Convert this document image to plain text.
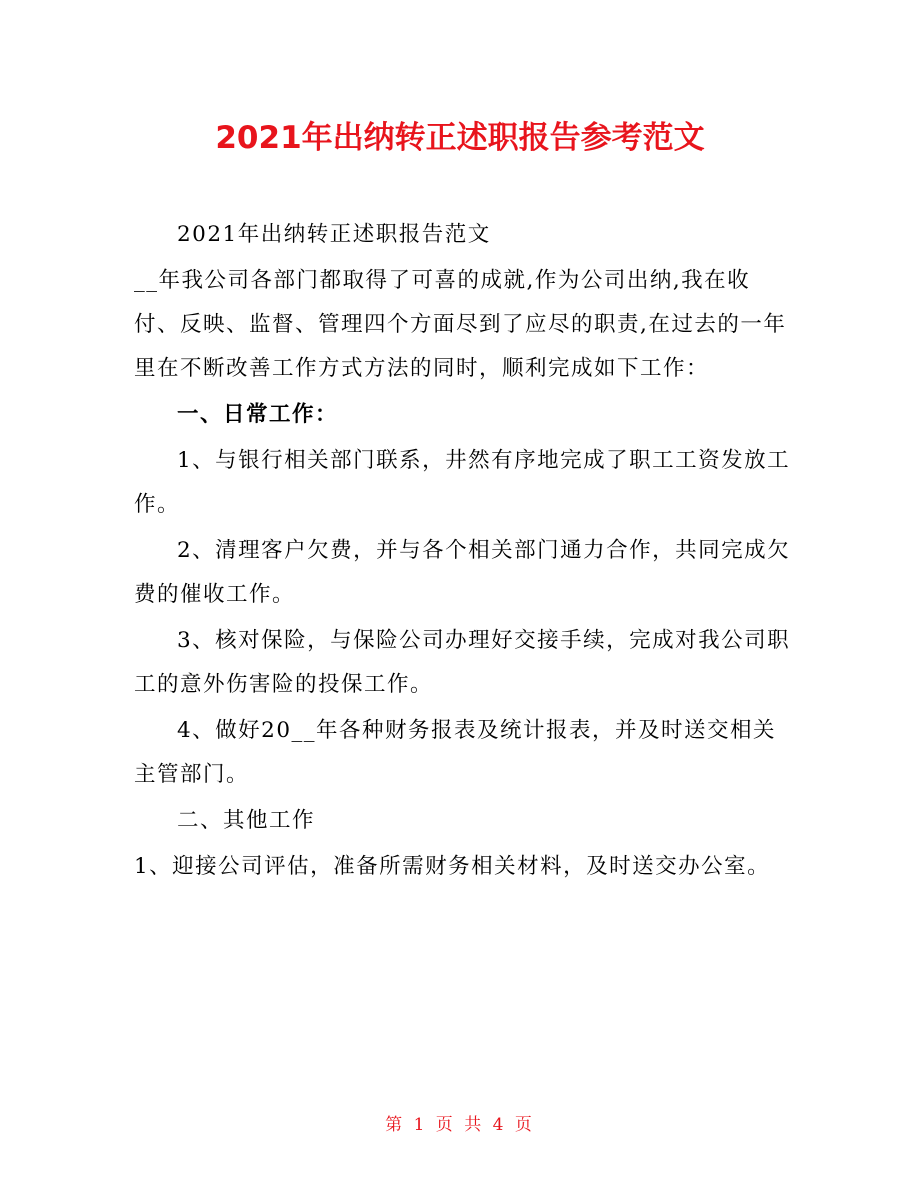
2021年出纳转正述职报告参考范文

2021年出纳转正述职报告范文

__年我公司各部门都取得了可喜的成就,作为公司出纳,我在收付、反映、监督、管理四个方面尽到了应尽的职责,在过去的一年里在不断改善工作方式方法的同时，顺利完成如下工作：

一、日常工作：

1、与银行相关部门联系，井然有序地完成了职工工资发放工作。

2、清理客户欠费，并与各个相关部门通力合作，共同完成欠费的催收工作。

3、核对保险，与保险公司办理好交接手续，完成对我公司职工的意外伤害险的投保工作。

4、做好20__年各种财务报表及统计报表，并及时送交相关主管部门。

二、其他工作

1、迎接公司评估，准备所需财务相关材料，及时送交办公室。

第 1 页 共 4 页
